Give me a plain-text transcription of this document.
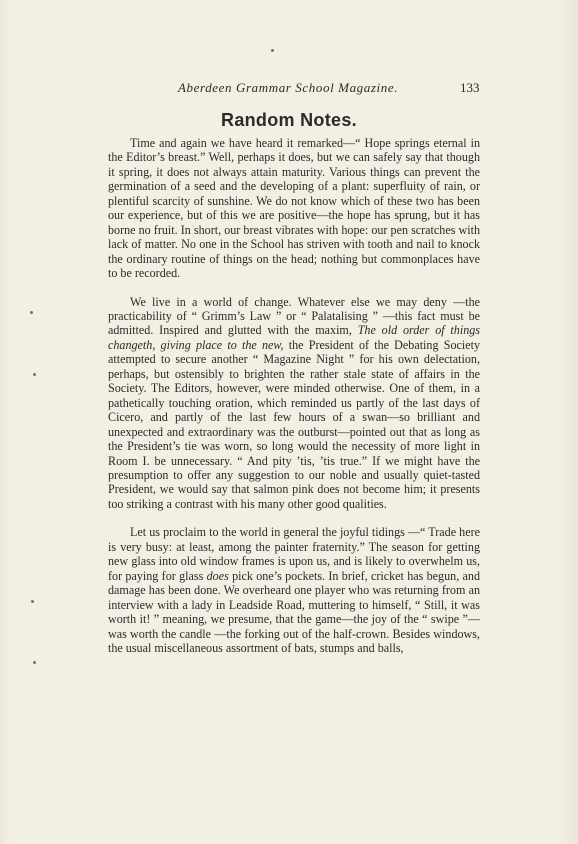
Aberdeen Grammar School Magazine.	133
Random Notes.

Time and again we have heard it remarked—“ Hope springs eternal in the Editor’s breast.” Well, perhaps it does, but we can safely say that though it spring, it does not always attain maturity. Various things can prevent the germination of a seed and the developing of a plant: superfluity of rain, or plentiful scarcity of sunshine. We do not know which of these two has been our experience, but of this we are positive—the hope has sprung, but it has borne no fruit. In short, our breast vibrates with hope: our pen scratches with lack of matter. No one in the School has striven with tooth and nail to knock the ordinary routine of things on the head; nothing but commonplaces have to be recorded.

We live in a world of change. Whatever else we may deny —the practicability of “ Grimm’s Law ” or “ Palatalising ” —this fact must be admitted. Inspired and glutted with the maxim, The old order of things changeth, giving place to the new, the President of the Debating Society attempted to secure another “ Magazine Night ” for his own delectation, perhaps, but ostensibly to brighten the rather stale state of affairs in the Society. The Editors, however, were minded otherwise. One of them, in a pathetically touching oration, which reminded us partly of the last days of Cicero, and partly of the last few hours of a swan—so brilliant and unexpected and extraordinary was the outburst—pointed out that as long as the President’s tie was worn, so long would the necessity of more light in Room I. be unnecessary. “ And pity ’tis, ’tis true.” If we might have the presumption to offer any suggestion to our noble and usually quiet-tasted President, we would say that salmon pink does not become him; it presents too striking a contrast with his many other good qualities.

Let us proclaim to the world in general the joyful tidings —“ Trade here is very busy: at least, among the painter fraternity.” The season for getting new glass into old window frames is upon us, and is likely to overwhelm us, for paying for glass does pick one’s pockets. In brief, cricket has begun, and damage has been done. We overheard one player who was returning from an interview with a lady in Leadside Road, muttering to himself, “ Still, it was worth it! ” meaning, we presume, that the game—the joy of the “ swipe ”—was worth the candle —the forking out of the half-crown. Besides windows, the usual miscellaneous assortment of bats, stumps and balls,
